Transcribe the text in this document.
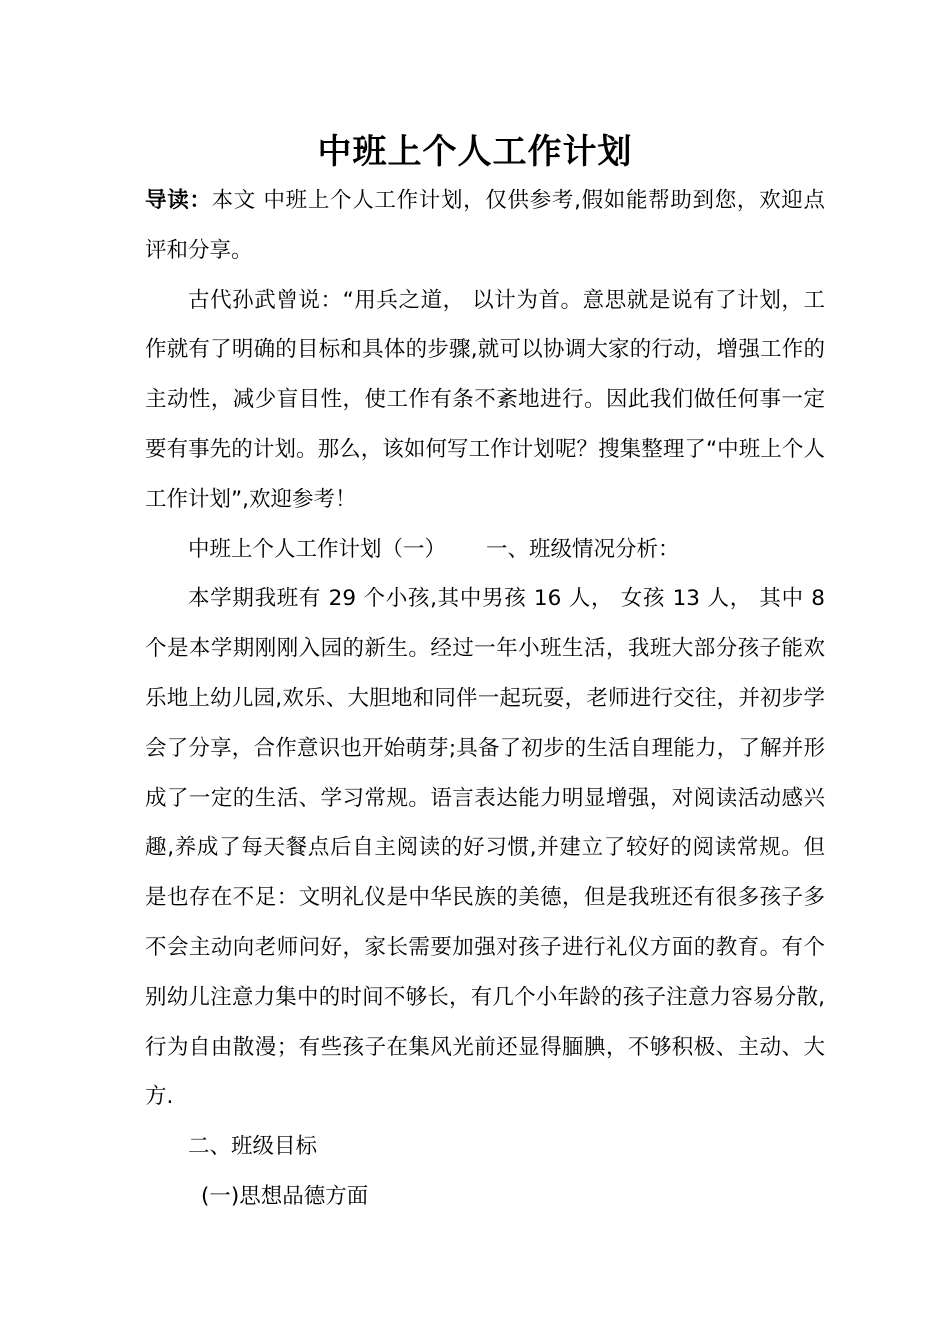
中班上个人工作计划

导读：本文 中班上个人工作计划，仅供参考,假如能帮助到您，欢迎点评和分享。

古代孙武曾说：“用兵之道， 以计为首。意思就是说有了计划，工作就有了明确的目标和具体的步骤,就可以协调大家的行动，增强工作的主动性，减少盲目性，使工作有条不紊地进行。因此我们做任何事一定要有事先的计划。那么，该如何写工作计划呢？搜集整理了“中班上个人工作计划”,欢迎参考！

中班上个人工作计划（一） 一、班级情况分析：

本学期我班有 29 个小孩,其中男孩 16 人， 女孩 13 人， 其中 8 个是本学期刚刚入园的新生。经过一年小班生活，我班大部分孩子能欢乐地上幼儿园,欢乐、大胆地和同伴一起玩耍，老师进行交往，并初步学会了分享，合作意识也开始萌芽;具备了初步的生活自理能力，了解并形成了一定的生活、学习常规。语言表达能力明显增强，对阅读活动感兴趣,养成了每天餐点后自主阅读的好习惯,并建立了较好的阅读常规。但是也存在不足：文明礼仪是中华民族的美德，但是我班还有很多孩子多不会主动向老师问好，家长需要加强对孩子进行礼仪方面的教育。有个别幼儿注意力集中的时间不够长，有几个小年龄的孩子注意力容易分散,行为自由散漫；有些孩子在集风光前还显得腼腆，不够积极、主动、大方.

二、班级目标

(一)思想品德方面
